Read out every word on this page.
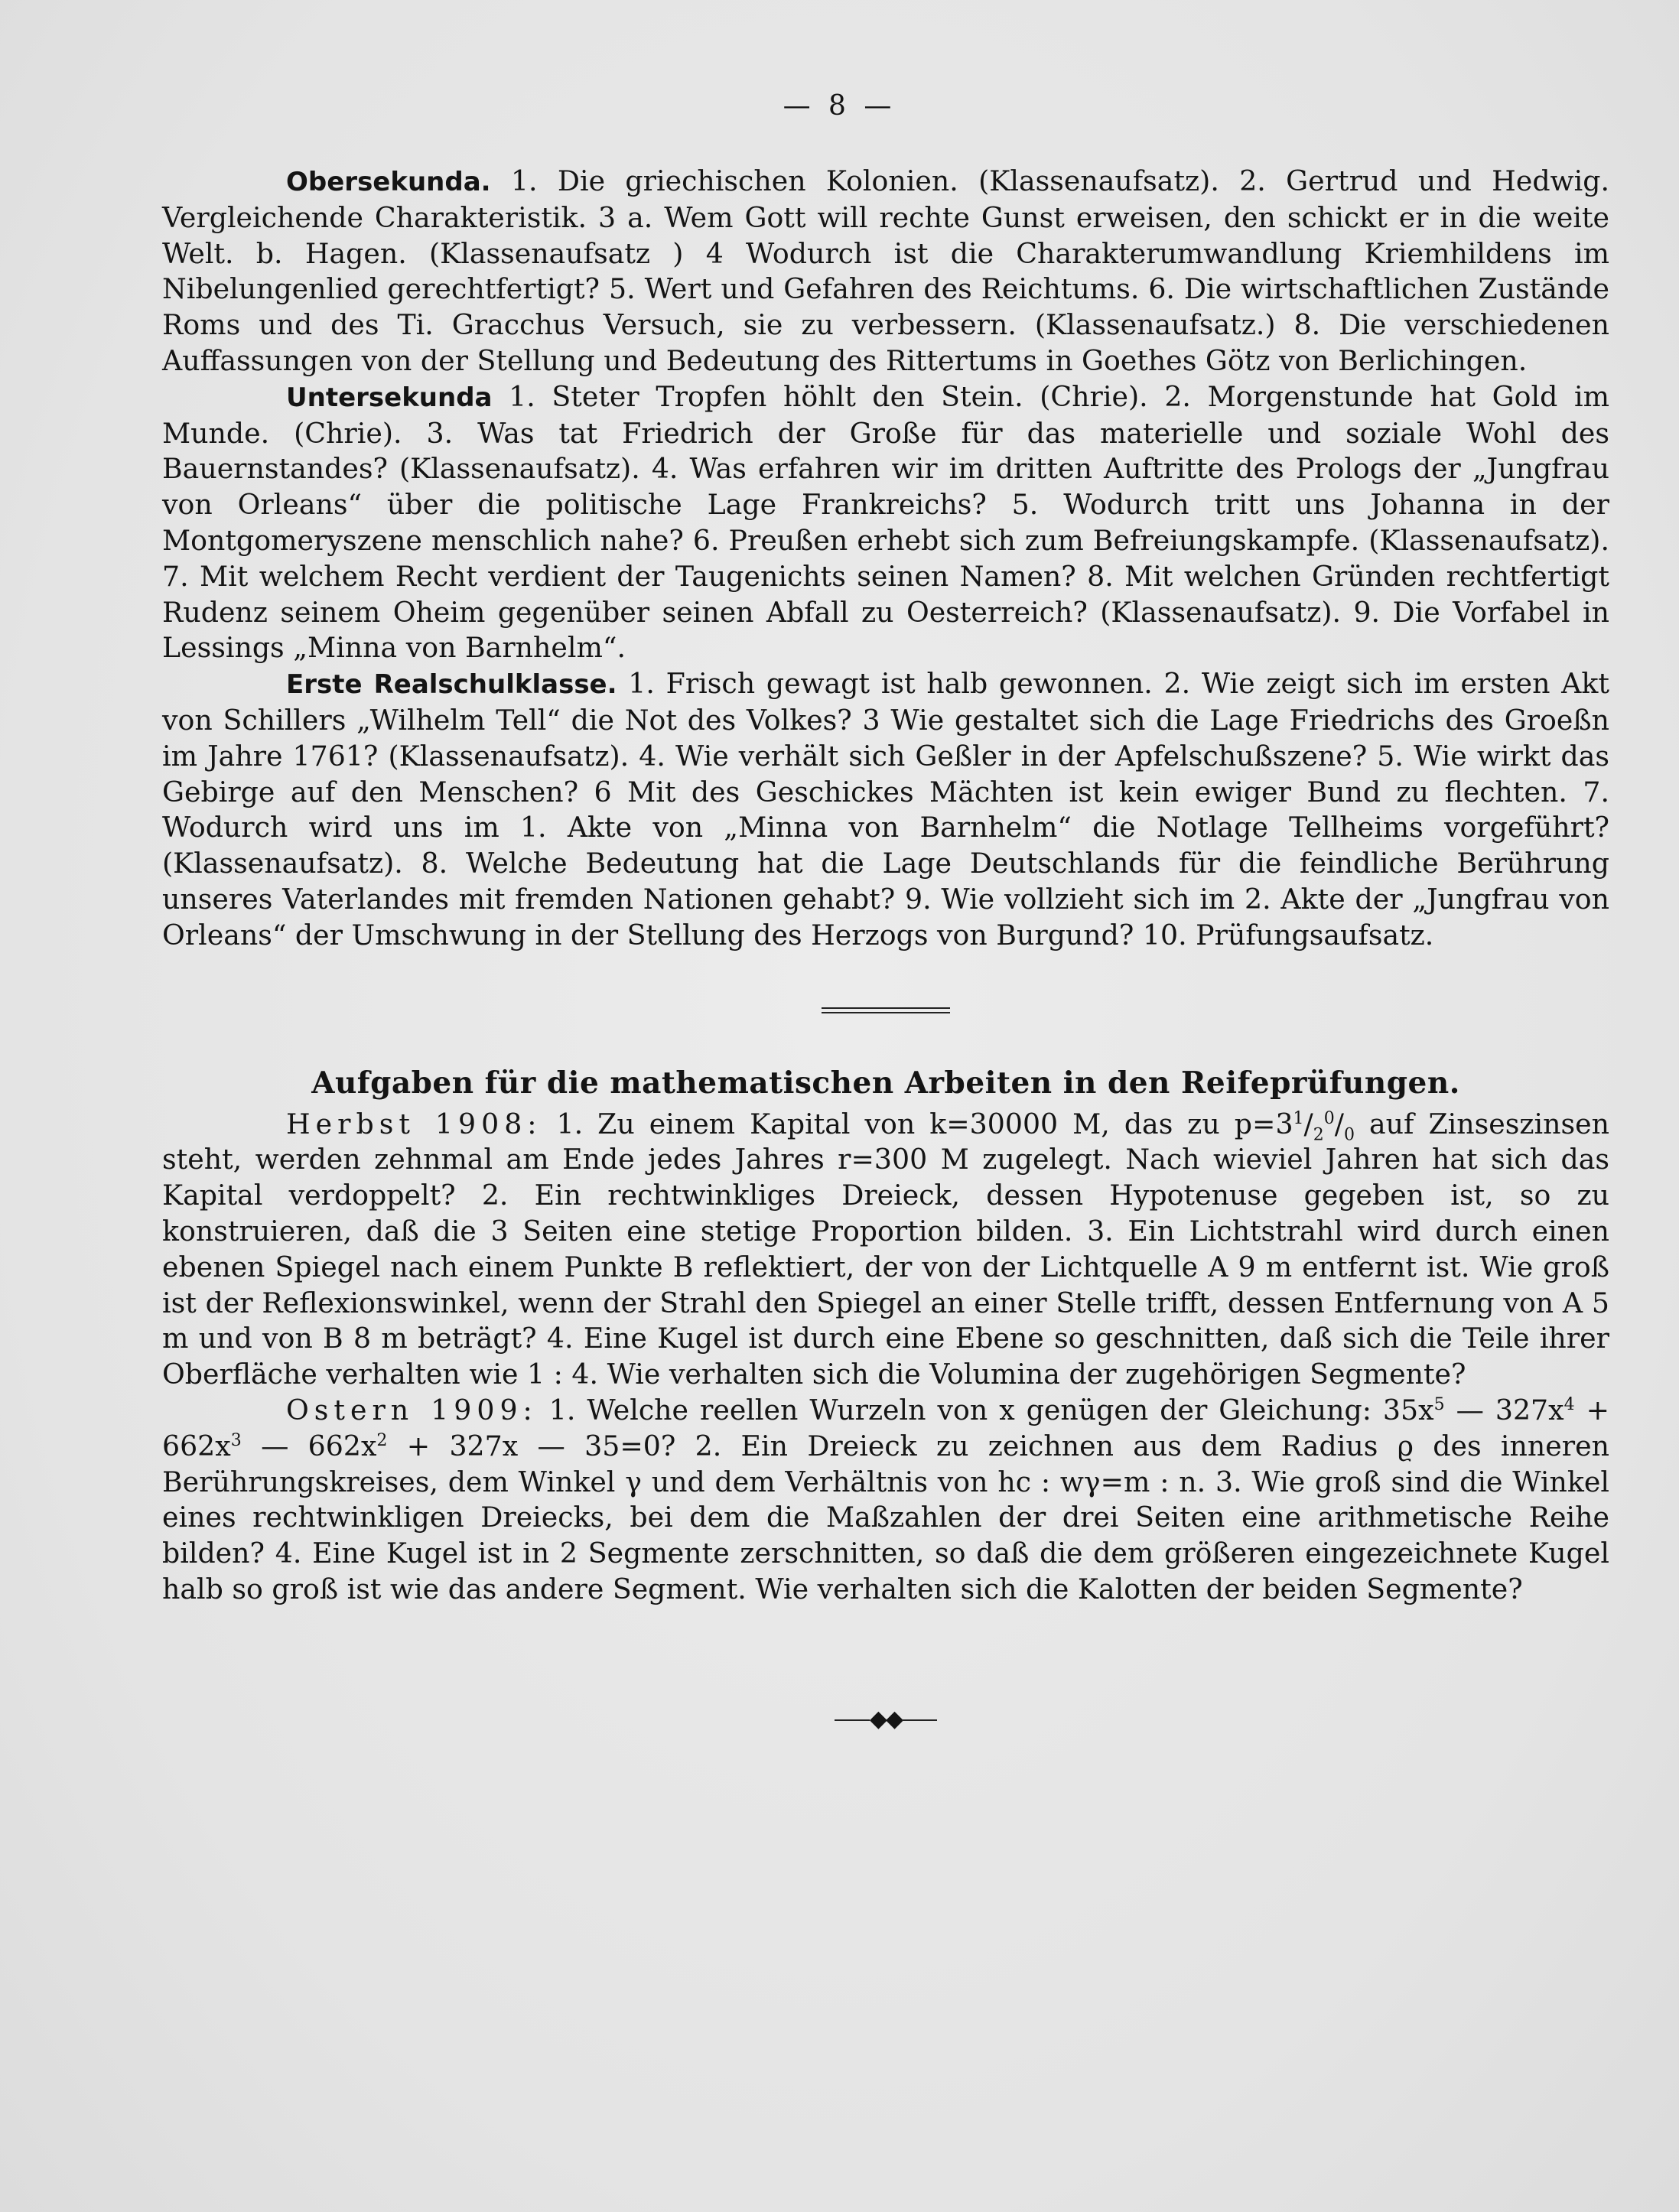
— 8 —

Obersekunda. 1. Die griechischen Kolonien. (Klassenaufsatz). 2. Gertrud und Hedwig. Vergleichende Charakteristik. 3 a. Wem Gott will rechte Gunst erweisen, den schickt er in die weite Welt. b. Hagen. (Klassenaufsatz ) 4 Wodurch ist die Charakterumwandlung Kriemhildens im Nibelungenlied gerechtfertigt? 5. Wert und Gefahren des Reichtums. 6. Die wirtschaftlichen Zustände Roms und des Ti. Gracchus Versuch, sie zu verbessern. (Klassenaufsatz.) 8. Die verschiedenen Auffassungen von der Stellung und Bedeutung des Rittertums in Goethes Götz von Berlichingen.

Untersekunda 1. Steter Tropfen höhlt den Stein. (Chrie). 2. Morgenstunde hat Gold im Munde. (Chrie). 3. Was tat Friedrich der Große für das materielle und soziale Wohl des Bauernstandes? (Klassenaufsatz). 4. Was erfahren wir im dritten Auftritte des Prologs der „Jungfrau von Orleans“ über die politische Lage Frankreichs? 5. Wodurch tritt uns Johanna in der Montgomeryszene menschlich nahe? 6. Preußen erhebt sich zum Befreiungskampfe. (Klassenaufsatz). 7. Mit welchem Recht verdient der Taugenichts seinen Namen? 8. Mit welchen Gründen rechtfertigt Rudenz seinem Oheim gegenüber seinen Abfall zu Oesterreich? (Klassenaufsatz). 9. Die Vorfabel in Lessings „Minna von Barnhelm“.

Erste Realschulklasse. 1. Frisch gewagt ist halb gewonnen. 2. Wie zeigt sich im ersten Akt von Schillers „Wilhelm Tell“ die Not des Volkes? 3 Wie gestaltet sich die Lage Friedrichs des Groeßn im Jahre 1761? (Klassenaufsatz). 4. Wie verhält sich Geßler in der Apfelschußszene? 5. Wie wirkt das Gebirge auf den Menschen? 6 Mit des Geschickes Mächten ist kein ewiger Bund zu flechten. 7. Wodurch wird uns im 1. Akte von „Minna von Barnhelm“ die Notlage Tellheims vorgeführt? (Klassenaufsatz). 8. Welche Bedeutung hat die Lage Deutschlands für die feindliche Berührung unseres Vaterlandes mit fremden Nationen gehabt? 9. Wie vollzieht sich im 2. Akte der „Jungfrau von Orleans“ der Umschwung in der Stellung des Herzogs von Burgund? 10. Prüfungsaufsatz.

Aufgaben für die mathematischen Arbeiten in den Reifeprüfungen.

Herbst 1908: 1. Zu einem Kapital von k=30000 M, das zu $p=3^1/_2^0/_0$ auf Zinseszinsen steht, werden zehnmal am Ende jedes Jahres r=300 M zugelegt. Nach wieviel Jahren hat sich das Kapital verdoppelt? 2. Ein rechtwinkliges Dreieck, dessen Hypotenuse gegeben ist, so zu konstruieren, daß die 3 Seiten eine stetige Proportion bilden. 3. Ein Lichtstrahl wird durch einen ebenen Spiegel nach einem Punkte B reflektiert, der von der Lichtquelle A 9 m entfernt ist. Wie groß ist der Reflexionswinkel, wenn der Strahl den Spiegel an einer Stelle trifft, dessen Entfernung von A 5 m und von B 8 m beträgt? 4. Eine Kugel ist durch eine Ebene so geschnitten, daß sich die Teile ihrer Oberfläche verhalten wie 1 : 4. Wie verhalten sich die Volumina der zugehörigen Segmente?

Ostern 1909: 1. Welche reellen Wurzeln von x genügen der Gleichung: $35x^5$ — $327x^4 + 662x^3$ — $662x^2 + 327x$ — 35=0? 2. Ein Dreieck zu zeichnen aus dem Radius ϱ des inneren Berührungskreises, dem Winkel γ und dem Verhältnis von hc : wγ=m : n. 3. Wie groß sind die Winkel eines rechtwinkligen Dreiecks, bei dem die Maßzahlen der drei Seiten eine arithmetische Reihe bilden? 4. Eine Kugel ist in 2 Segmente zerschnitten, so daß die dem größeren eingezeichnete Kugel halb so groß ist wie das andere Segment. Wie verhalten sich die Kalotten der beiden Segmente?

◆◆
